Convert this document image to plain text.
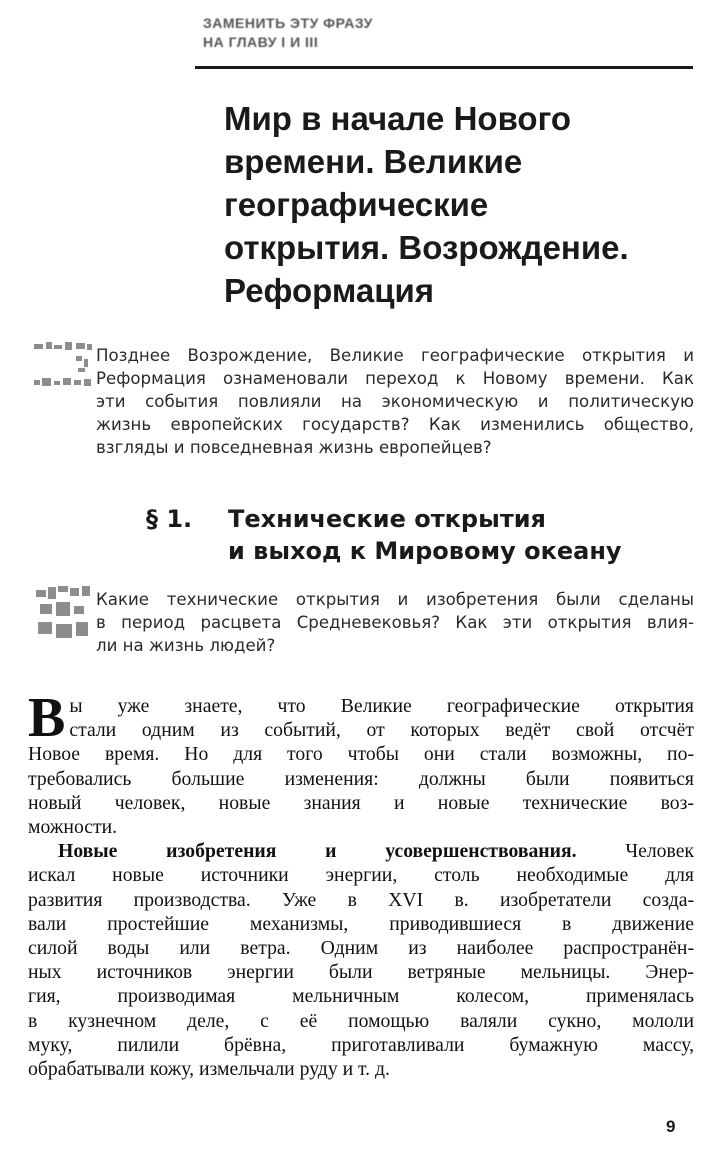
ЗАМЕНИТЬ ЭТУ ФРАЗУ
НА ГЛАВУ I И III
Мир в начале Нового
времени. Великие
географические
открытия. Возрождение.
Реформация
Позднее Возрождение, Великие географические открытия и
Реформация ознаменовали переход к Новому времени. Как
эти события повлияли на экономическую и политическую
жизнь европейских государств? Как изменились общество,
взгляды и повседневная жизнь европейцев?
§ 1.	Технические открытия
и выход к Мировому океану
Какие технические открытия и изобретения были сделаны
в период расцвета Средневековья? Как эти открытия влия-
ли на жизнь людей?
В ы уже знаете, что Великие географические открытия
стали одним из событий, от которых ведёт свой отсчёт
Новое время. Но для того чтобы они стали возможны, по-
требовались большие изменения: должны были появиться
новый человек, новые знания и новые технические воз-
можности.
Новые изобретения и усовершенствования. Человек
искал новые источники энергии, столь необходимые для
развития производства. Уже в XVI в. изобретатели созда-
вали простейшие механизмы, приводившиеся в движение
силой воды или ветра. Одним из наиболее распространён-
ных источников энергии были ветряные мельницы. Энер-
гия, производимая мельничным колесом, применялась
в кузнечном деле, с её помощью валяли сукно, мололи
муку, пилили брёвна, приготавливали бумажную массу,
обрабатывали кожу, измельчали руду и т. д.
9
